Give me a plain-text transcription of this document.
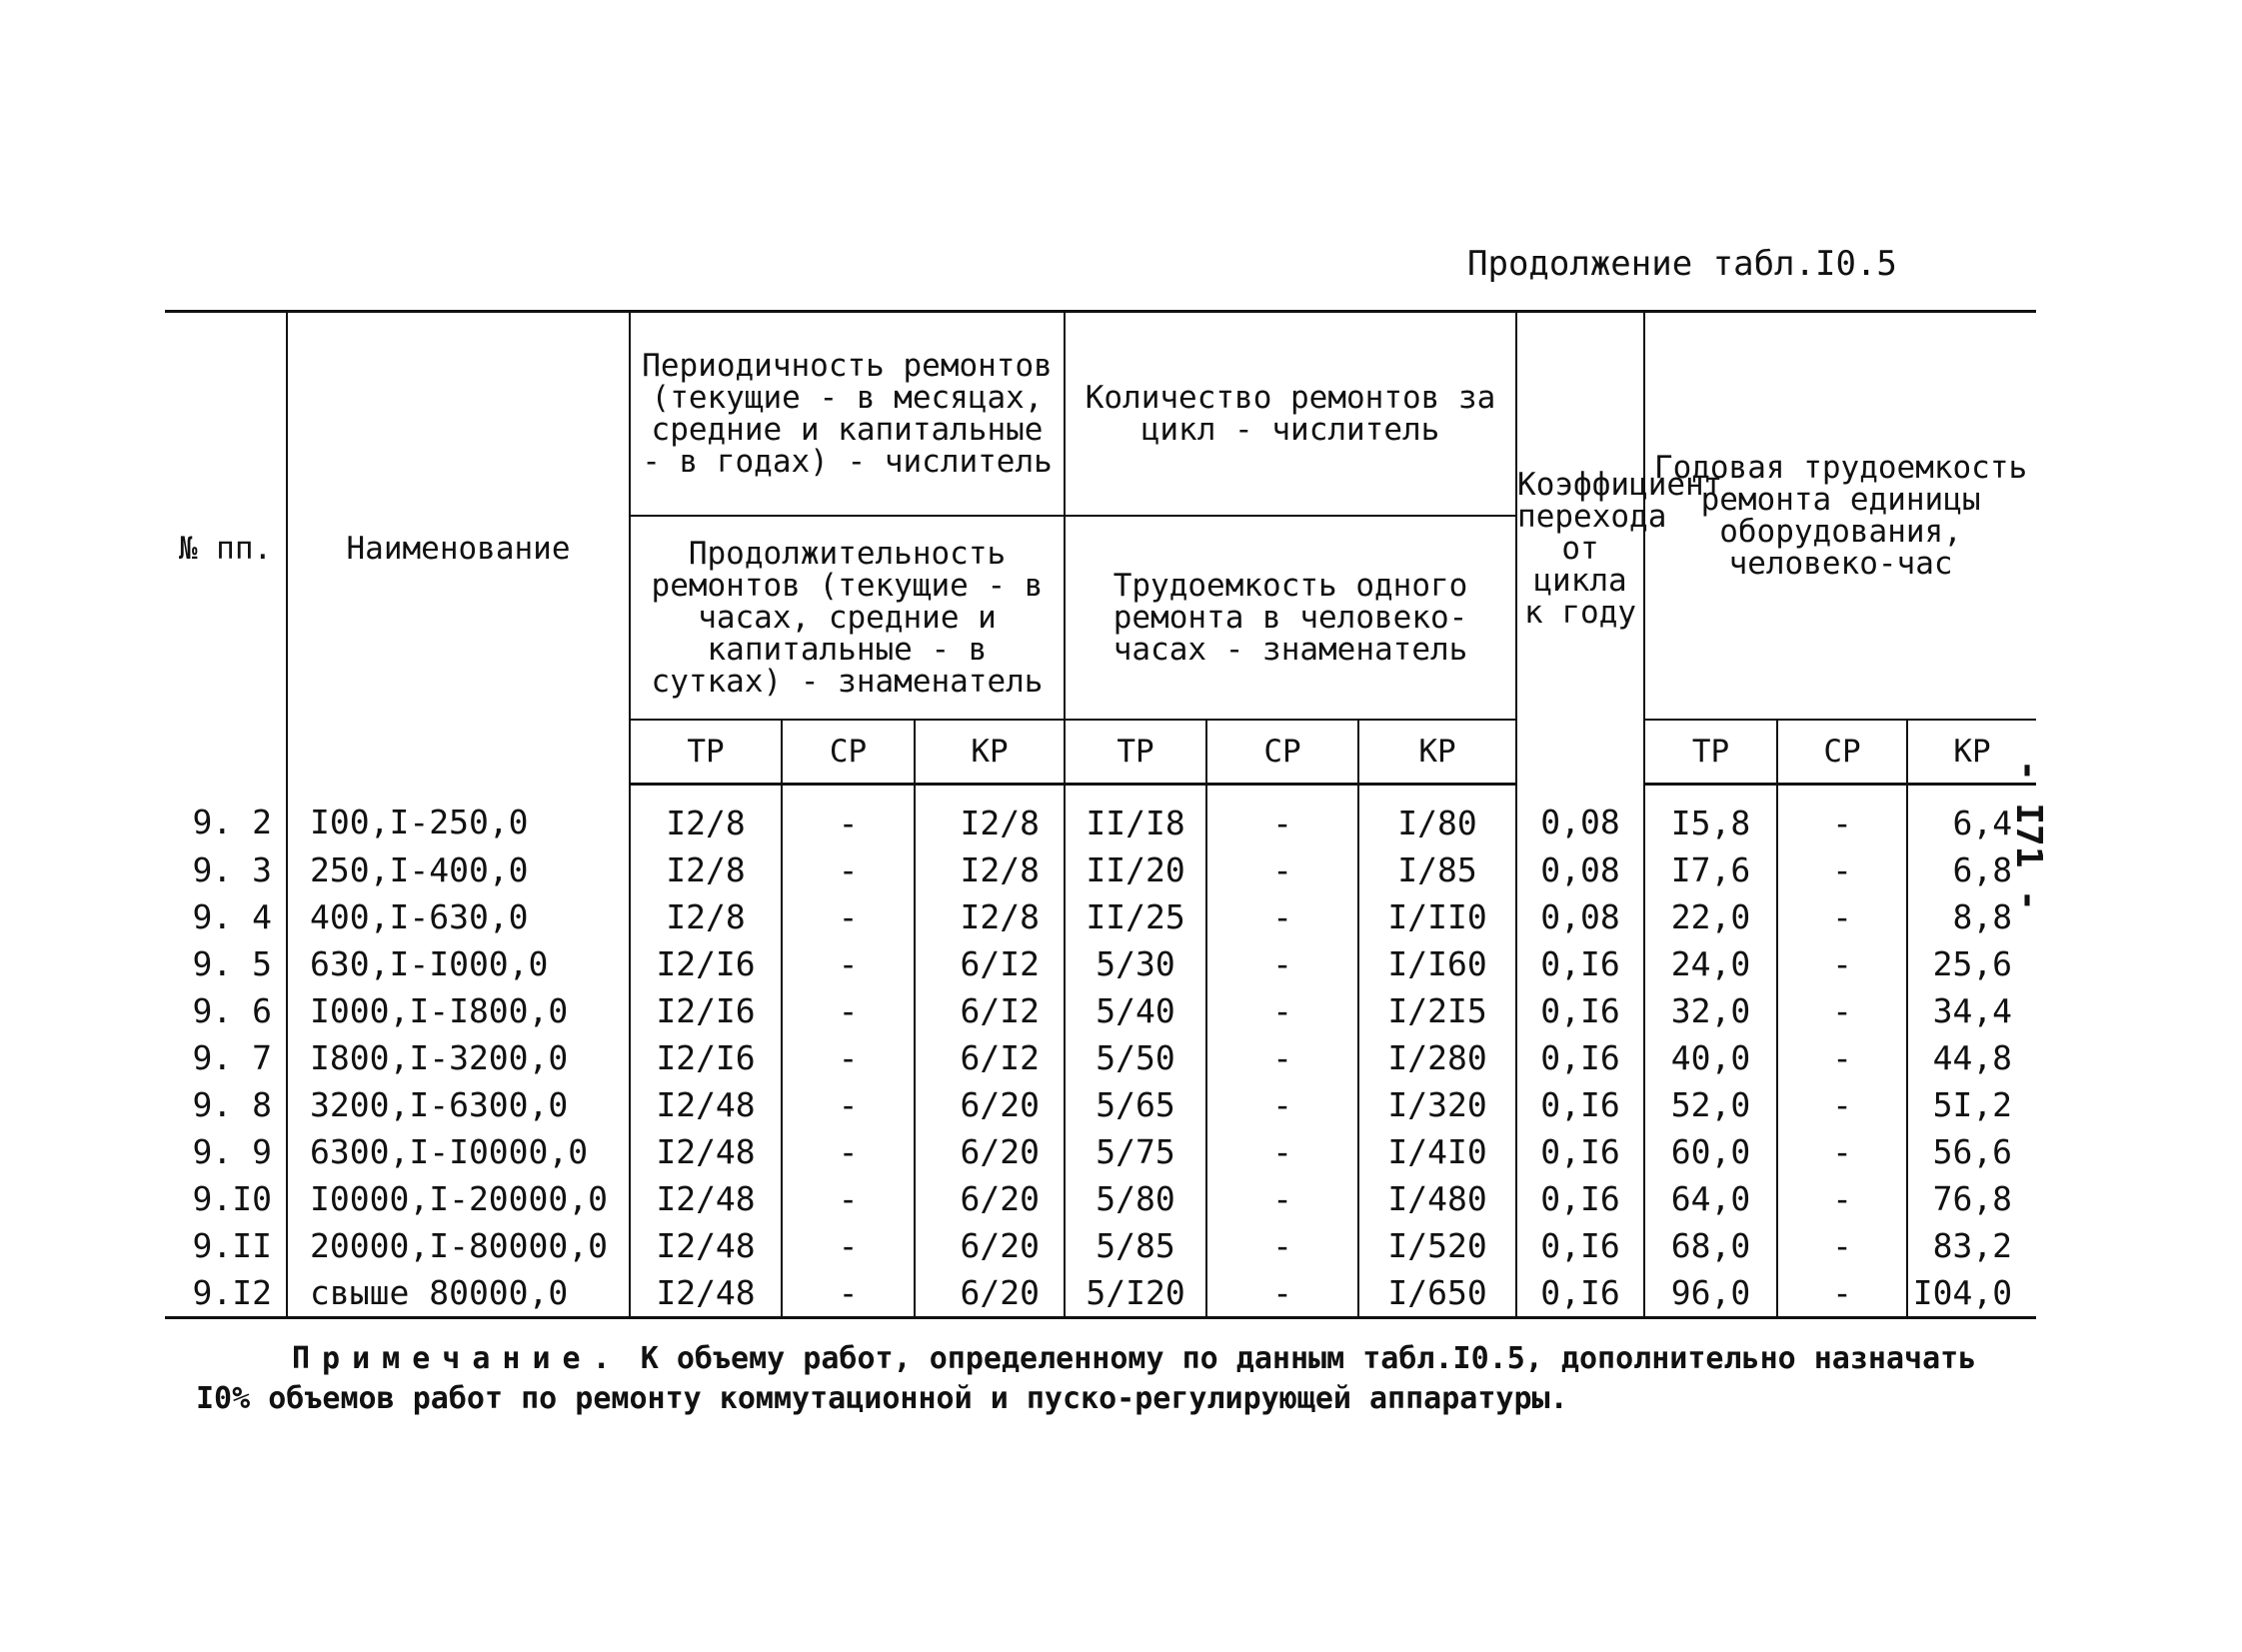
Продолжение табл.I0.5
- I71 -
№ пп.	Наименование	Периодичность ремонтов (текущие - в месяцах, средние и капитальные - в годах) - числитель			Количество ремонтов за цикл - числитель			Коэффициент перехода от цикла к году	Годовая трудоемкость ремонта единицы оборудования, человеко-час		
		Продолжительность ремонтов (текущие - в часах, средние и капитальные - в сутках) - знаменатель			Трудоемкость одного ремонта в человеко-часах - знаменатель						
		ТР	СР	КР	ТР	СР	КР		ТР	СР	КР
9. 2	I00,I-250,0	I2/8	-	I2/8	II/I8	-	I/80	0,08	I5,8	-	6,4
9. 3	250,I-400,0	I2/8	-	I2/8	II/20	-	I/85	0,08	I7,6	-	6,8
9. 4	400,I-630,0	I2/8	-	I2/8	II/25	-	I/II0	0,08	22,0	-	8,8
9. 5	630,I-I000,0	I2/I6	-	6/I2	5/30	-	I/I60	0,I6	24,0	-	25,6
9. 6	I000,I-I800,0	I2/I6	-	6/I2	5/40	-	I/2I5	0,I6	32,0	-	34,4
9. 7	I800,I-3200,0	I2/I6	-	6/I2	5/50	-	I/280	0,I6	40,0	-	44,8
9. 8	3200,I-6300,0	I2/48	-	6/20	5/65	-	I/320	0,I6	52,0	-	5I,2
9. 9	6300,I-I0000,0	I2/48	-	6/20	5/75	-	I/4I0	0,I6	60,0	-	56,6
9.I0	I0000,I-20000,0	I2/48	-	6/20	5/80	-	I/480	0,I6	64,0	-	76,8
9.II	20000,I-80000,0	I2/48	-	6/20	5/85	-	I/520	0,I6	68,0	-	83,2
9.I2	свыше 80000,0	I2/48	-	6/20	5/I20	-	I/650	0,I6	96,0	-	I04,0
Примечание. К объему работ, определенному по данным табл.I0.5, дополнительно назначать I0% объемов работ по ремонту коммутационной и пуско-регулирующей аппаратуры.
